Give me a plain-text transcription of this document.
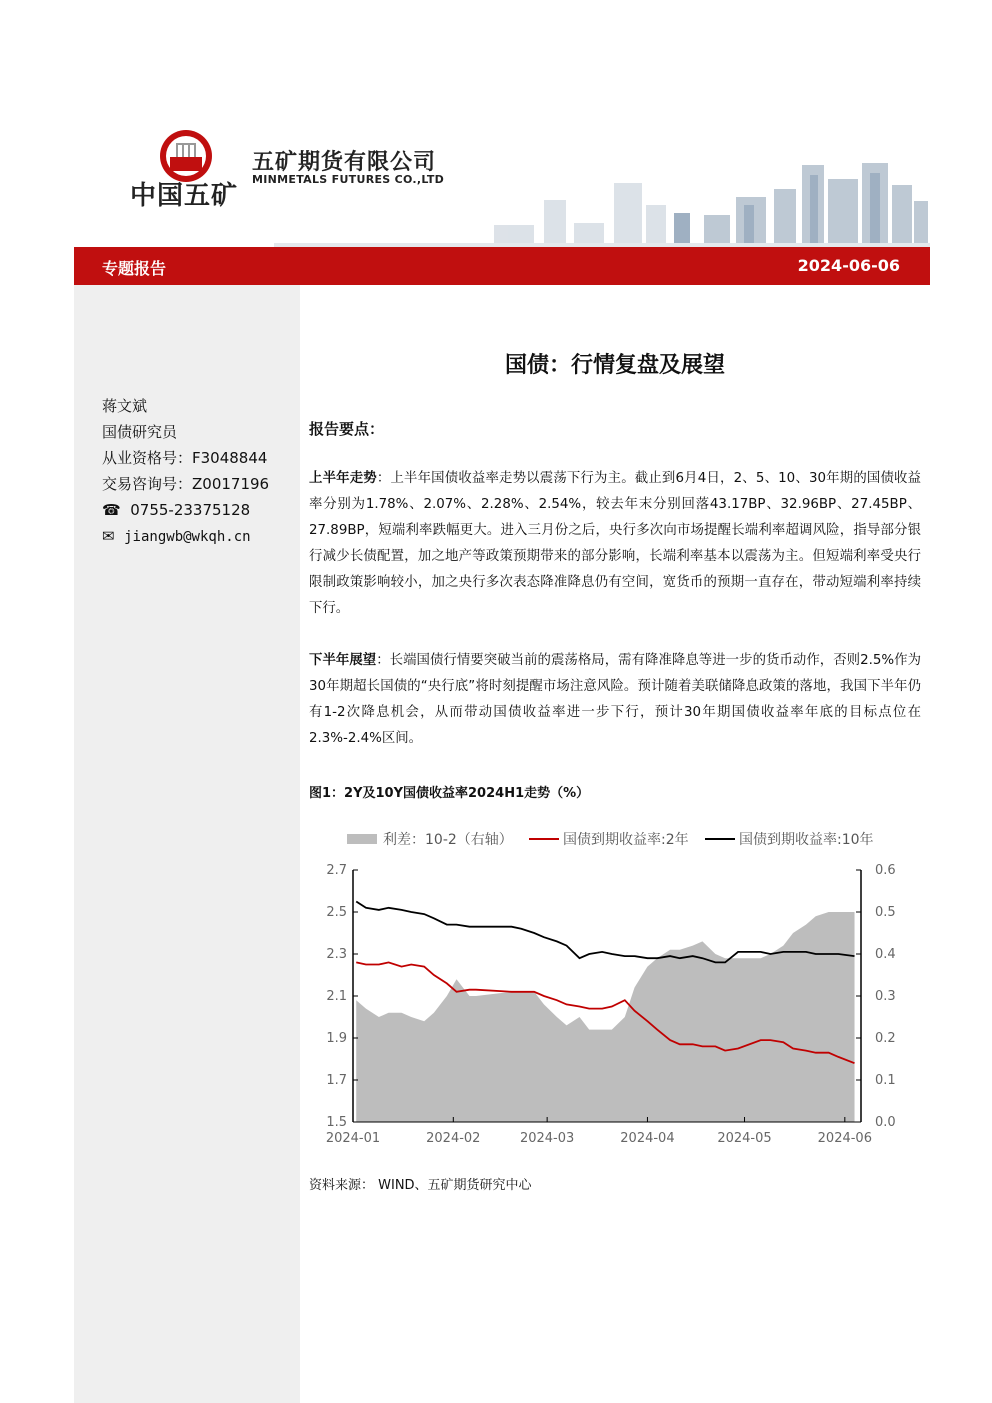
中国五矿
五矿期货有限公司
MINMETALS FUTURES CO.,LTD
专题报告	2024-06-06
蒋文斌
国债研究员
从业资格号：F3048844
交易咨询号：Z0017196
☎ 0755-23375128
✉ jiangwb@wkqh.cn
国债：行情复盘及展望
报告要点：
上半年走势：上半年国债收益率走势以震荡下行为主。截止到6月4日，2、5、10、30年期的国债收益率分别为1.78%、2.07%、2.28%、2.54%，较去年末分别回落43.17BP、32.96BP、27.45BP、27.89BP，短端利率跌幅更大。进入三月份之后，央行多次向市场提醒长端利率超调风险，指导部分银行减少长债配置，加之地产等政策预期带来的部分影响，长端利率基本以震荡为主。但短端利率受央行限制政策影响较小，加之央行多次表态降准降息仍有空间，宽货币的预期一直存在，带动短端利率持续下行。
下半年展望：长端国债行情要突破当前的震荡格局，需有降准降息等进一步的货币动作，否则2.5%作为30年期超长国债的“央行底”将时刻提醒市场注意风险。预计随着美联储降息政策的落地，我国下半年仍有1-2次降息机会，从而带动国债收益率进一步下行，预计30年期国债收益率年底的目标点位在2.3%-2.4%区间。
图1：2Y及10Y国债收益率2024H1走势（%）
1.5
1.7
1.9
2.1
2.3
2.5
2.7
0.0
0.1
0.2
0.3
0.4
0.5
0.6
2024-01	2024-02	2024-03	2024-04	2024-05	2024-06
利差：10-2（右轴）	国债到期收益率:2年	国债到期收益率:10年
资料来源： WIND、五矿期货研究中心
